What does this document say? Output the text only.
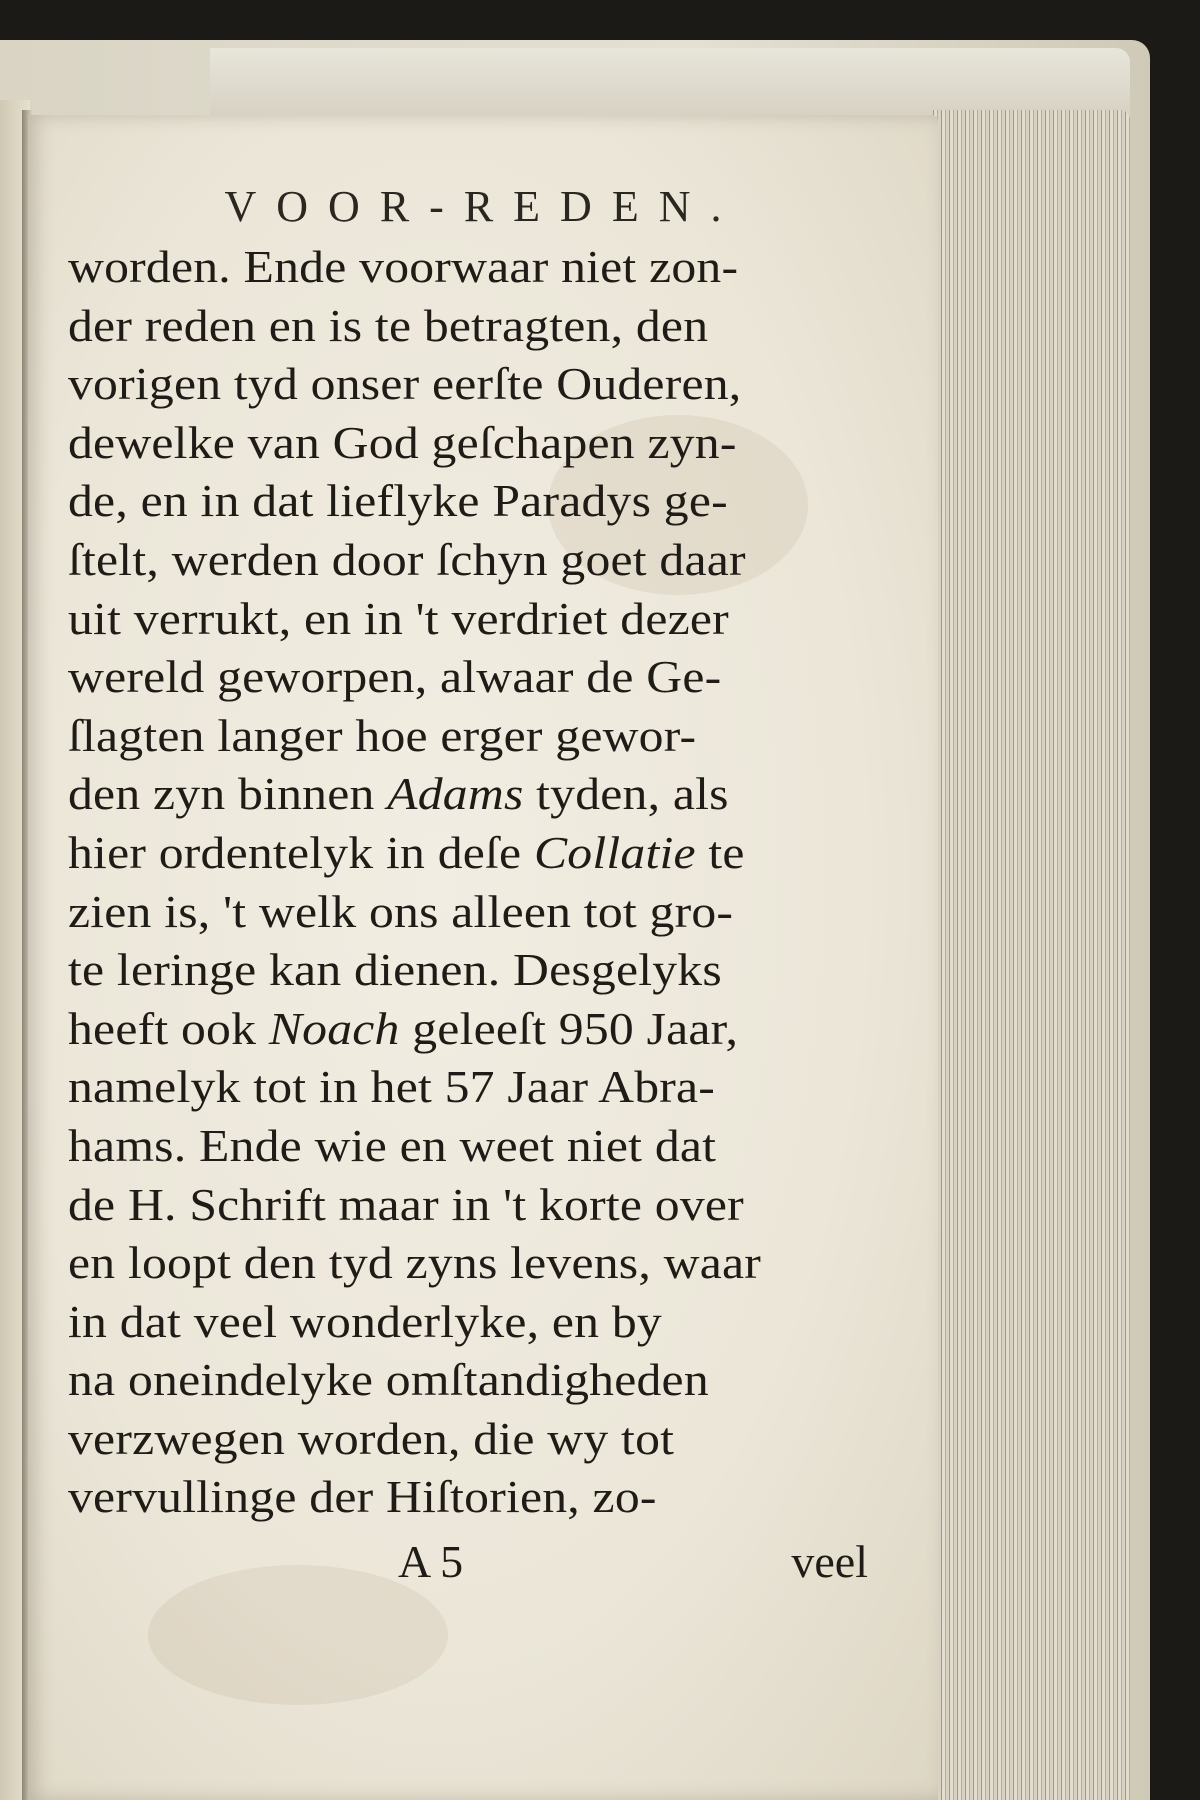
VOOR-REDEN.

worden. Ende voorwaar niet zon-

der reden en is te betragten, den

vorigen tyd onser eerſte Ouderen,

dewelke van God geſchapen zyn-

de, en in dat lieflyke Paradys ge-

ſtelt, werden door ſchyn goet daar

uit verrukt, en in 't verdriet dezer

wereld geworpen, alwaar de Ge-

ſlagten langer hoe erger gewor-

den zyn binnen Adams tyden, als

hier ordentelyk in deſe Collatie te

zien is, 't welk ons alleen tot gro-

te leringe kan dienen. Desgelyks

heeft ook Noach geleeſt 950 Jaar,

namelyk tot in het 57 Jaar Abra-

hams. Ende wie en weet niet dat

de H. Schrift maar in 't korte over

en loopt den tyd zyns levens, waar

in dat veel wonderlyke, en by

na oneindelyke omſtandigheden

verzwegen worden, die wy tot

vervullinge der Hiſtorien, zo-

A 5	veel
